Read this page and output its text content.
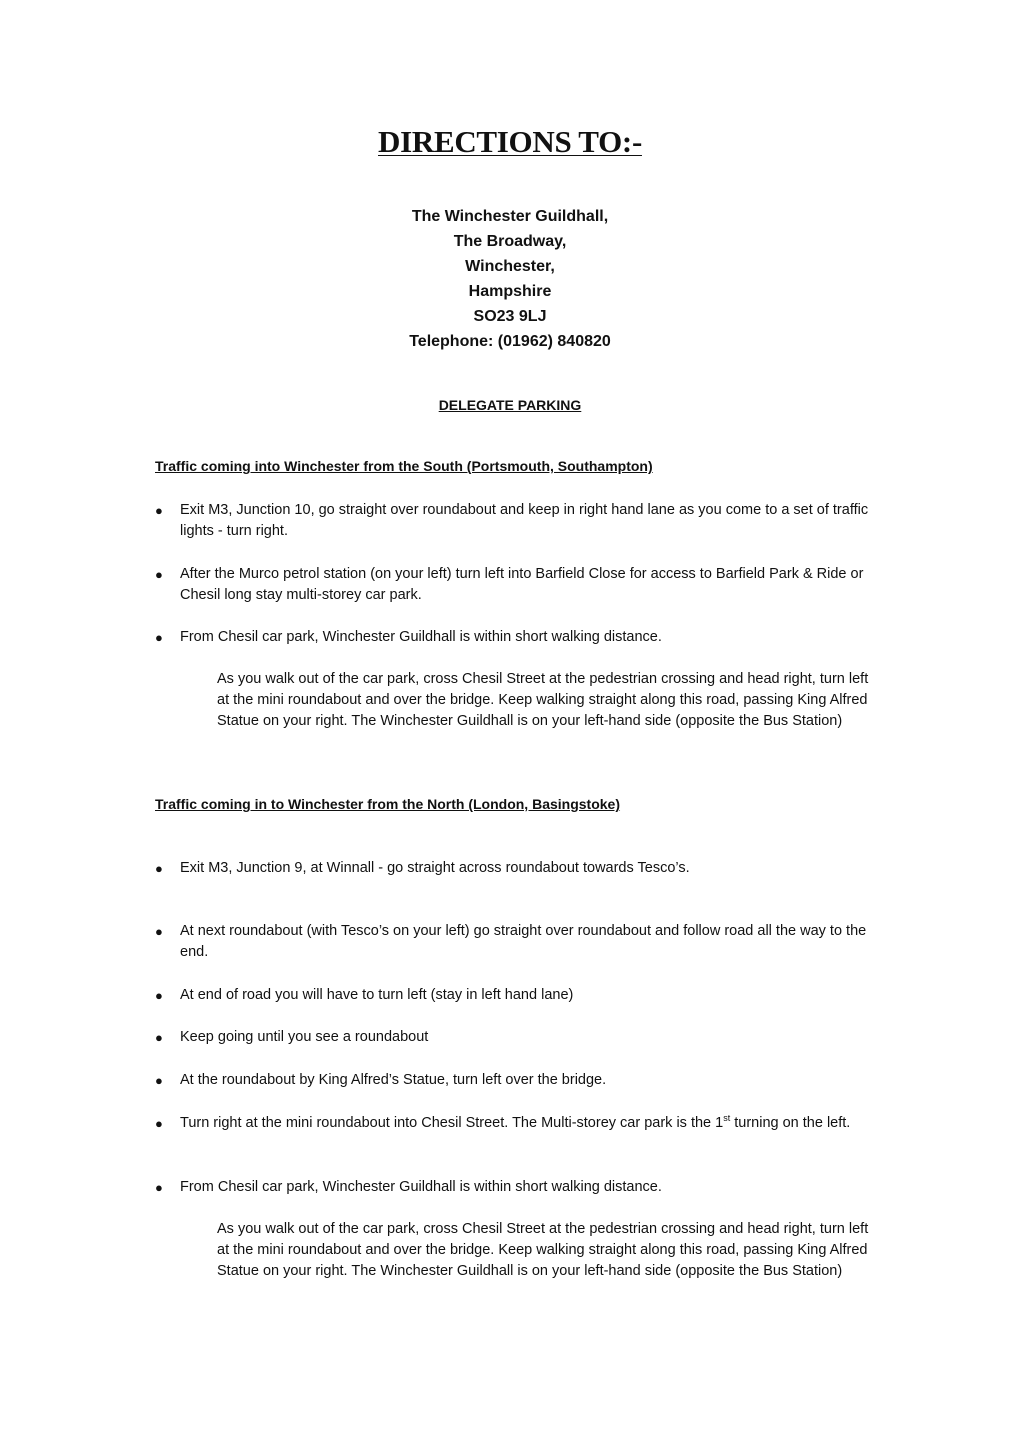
DIRECTIONS TO:-
The Winchester Guildhall,
The Broadway,
Winchester,
Hampshire
SO23 9LJ
Telephone: (01962) 840820
DELEGATE PARKING
Traffic coming into Winchester from the South (Portsmouth, Southampton)
●	Exit M3, Junction 10, go straight over roundabout and keep in right hand lane as you come to a set of traffic lights - turn right.
●	After the Murco petrol station (on your left) turn left into Barfield Close for access to Barfield Park & Ride or Chesil long stay multi-storey car park.
●	From Chesil car park, Winchester Guildhall is within short walking distance.
As you walk out of the car park, cross Chesil Street at the pedestrian crossing and head right, turn left at the mini roundabout and over the bridge. Keep walking straight along this road, passing King Alfred Statue on your right. The Winchester Guildhall is on your left-hand side (opposite the Bus Station)
Traffic coming in to Winchester from the North (London, Basingstoke)
●	Exit M3, Junction 9, at Winnall - go straight across roundabout towards Tesco’s.
●	At next roundabout (with Tesco’s on your left) go straight over roundabout and follow road all the way to the end.
●	At end of road you will have to turn left (stay in left hand lane)
●	Keep going until you see a roundabout
●	At the roundabout by King Alfred’s Statue, turn left over the bridge.
●	Turn right at the mini roundabout into Chesil Street. The Multi-storey car park is the 1st turning on the left.
●	From Chesil car park, Winchester Guildhall is within short walking distance.
As you walk out of the car park, cross Chesil Street at the pedestrian crossing and head right, turn left at the mini roundabout and over the bridge. Keep walking straight along this road, passing King Alfred Statue on your right. The Winchester Guildhall is on your left-hand side (opposite the Bus Station)
